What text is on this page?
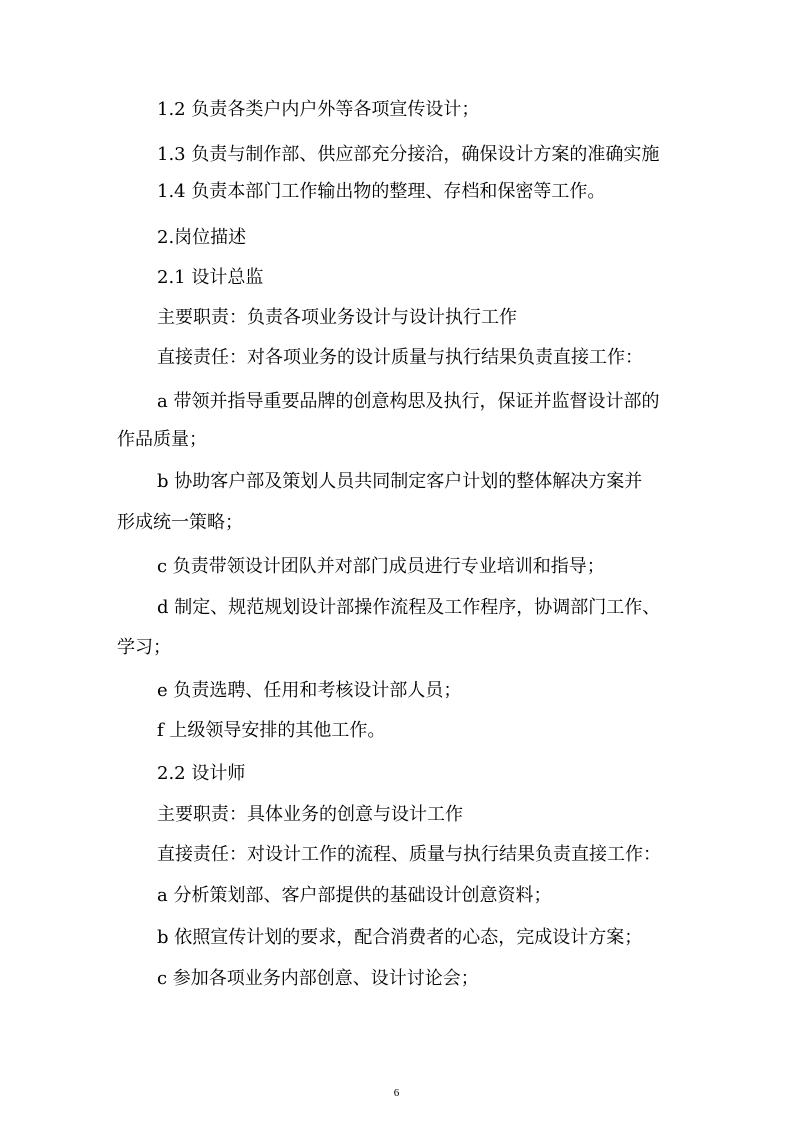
1.2 负责各类户内户外等各项宣传设计；
1.3 负责与制作部、供应部充分接洽，确保设计方案的准确实施
1.4 负责本部门工作输出物的整理、存档和保密等工作。
2.岗位描述
2.1 设计总监
主要职责：负责各项业务设计与设计执行工作
直接责任：对各项业务的设计质量与执行结果负责直接工作：
a 带领并指导重要品牌的创意构思及执行，保证并监督设计部的
作品质量；
b 协助客户部及策划人员共同制定客户计划的整体解决方案并
形成统一策略；
c 负责带领设计团队并对部门成员进行专业培训和指导；
d 制定、规范规划设计部操作流程及工作程序，协调部门工作、
学习；
e 负责选聘、任用和考核设计部人员；
f 上级领导安排的其他工作。
2.2 设计师
主要职责：具体业务的创意与设计工作
直接责任：对设计工作的流程、质量与执行结果负责直接工作：
a 分析策划部、客户部提供的基础设计创意资料；
b 依照宣传计划的要求，配合消费者的心态，完成设计方案；
c 参加各项业务内部创意、设计讨论会；
6
